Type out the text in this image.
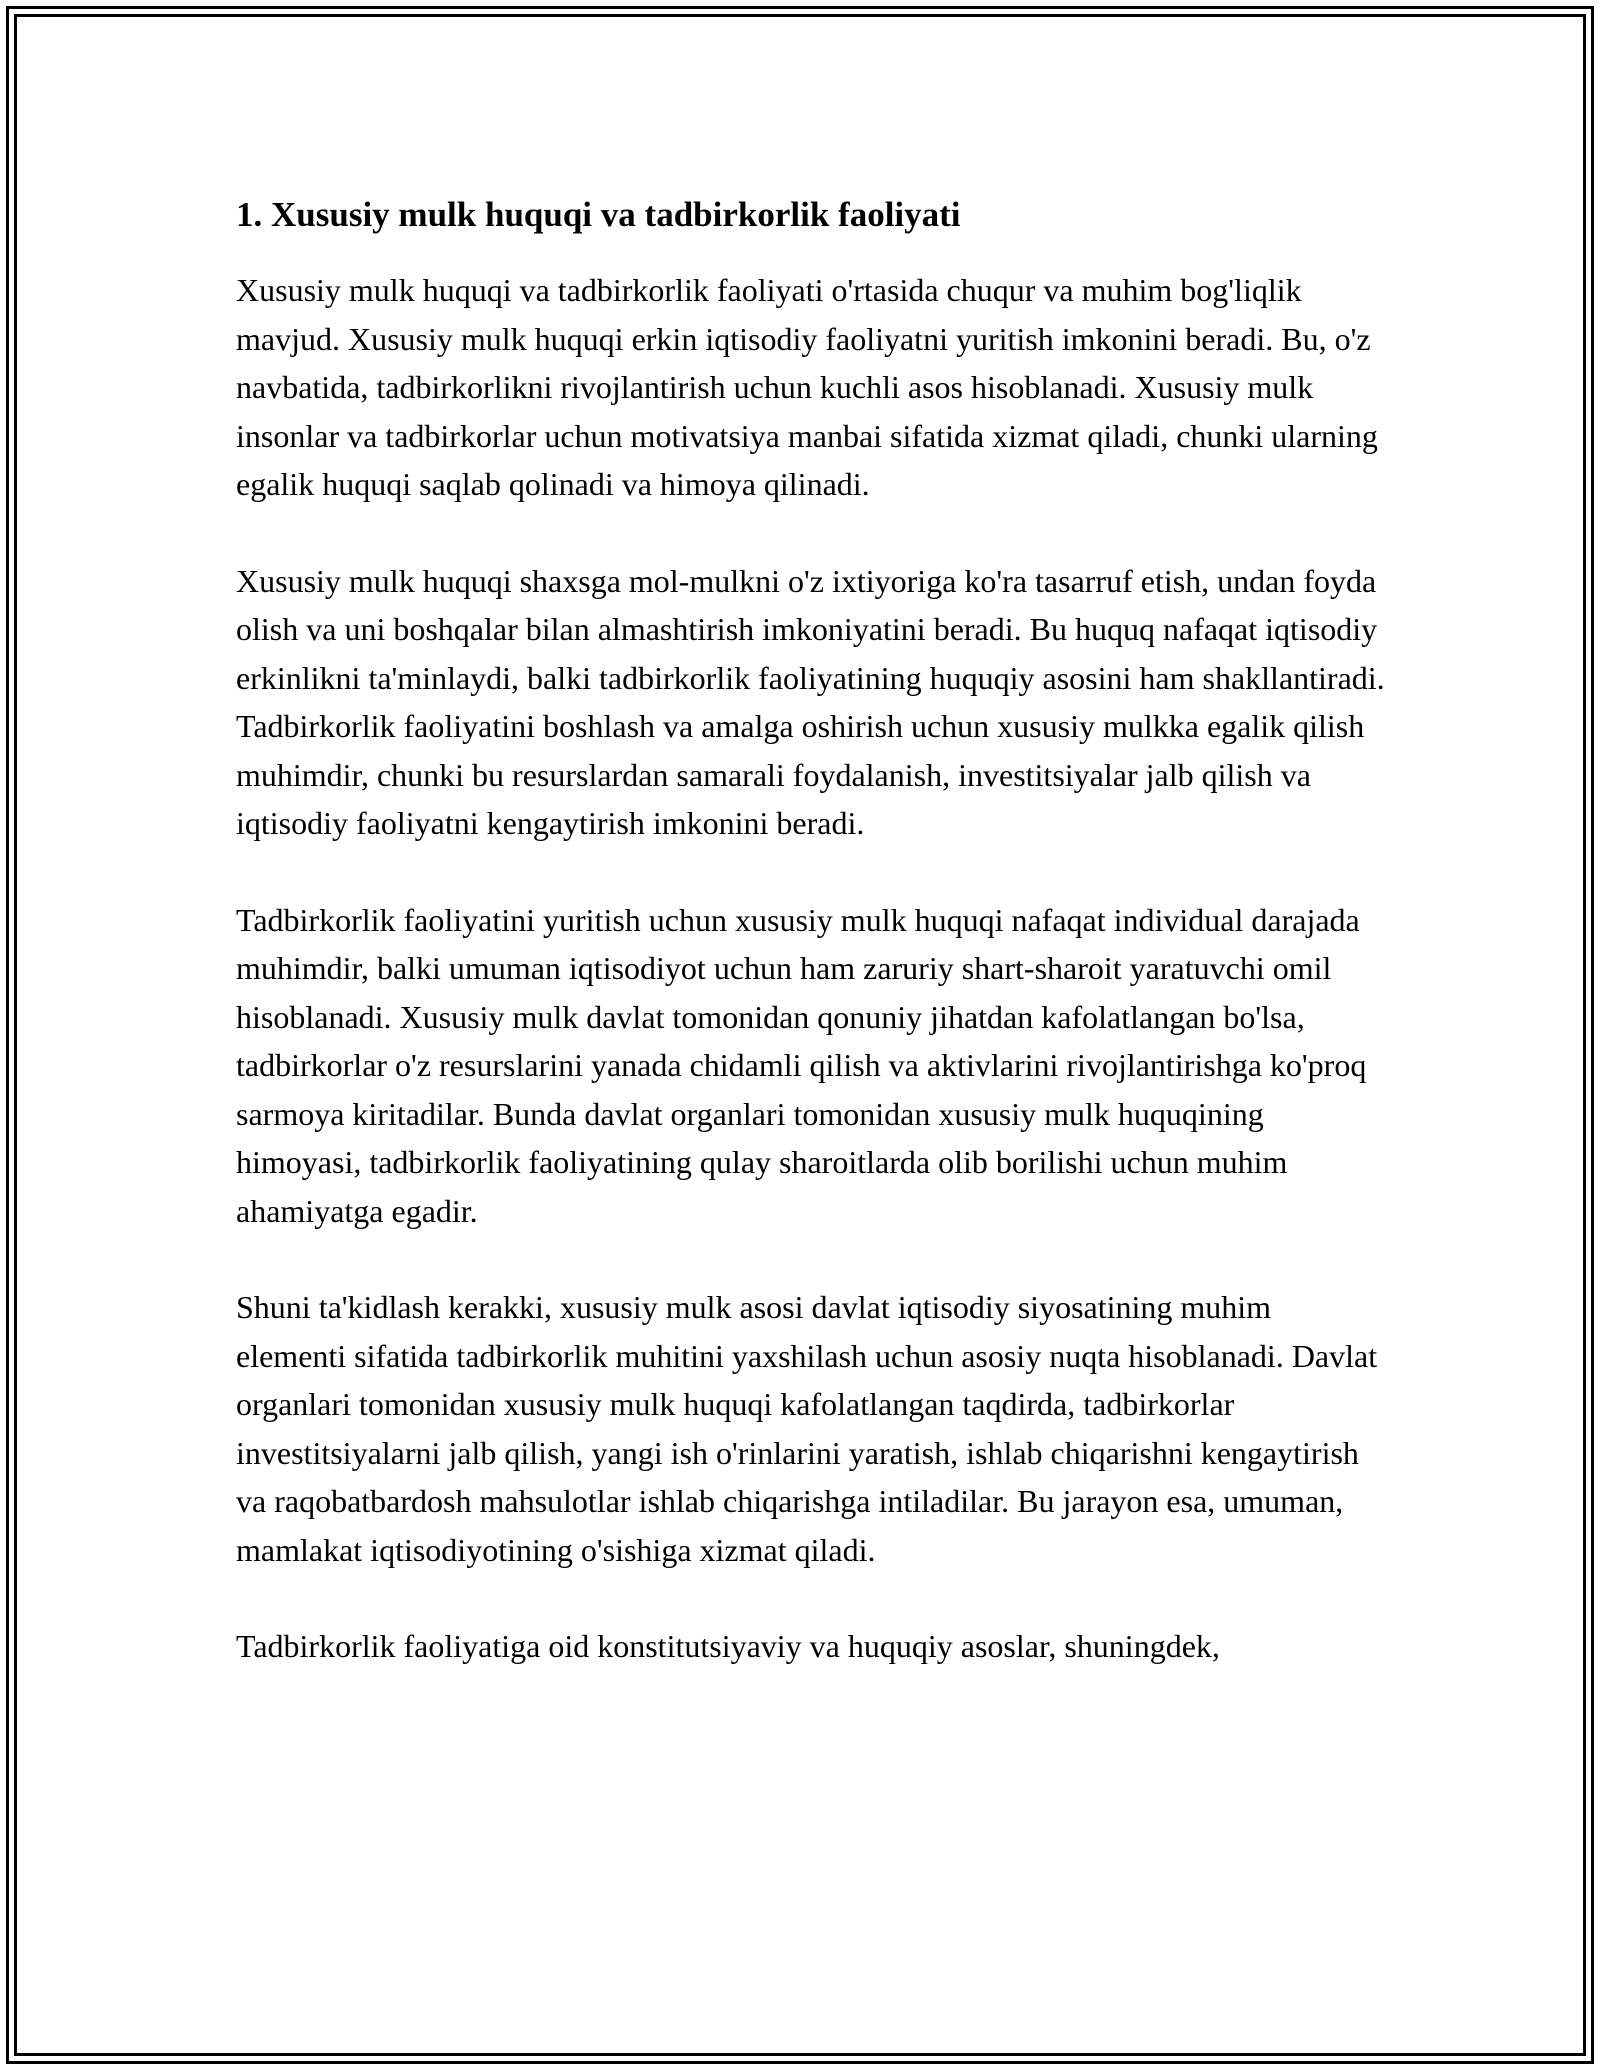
1. Xususiy mulk huquqi va tadbirkorlik faoliyati

Xususiy mulk huquqi va tadbirkorlik faoliyati o'rtasida chuqur va muhim bog'liqlik mavjud. Xususiy mulk huquqi erkin iqtisodiy faoliyatni yuritish imkonini beradi. Bu, o'z navbatida, tadbirkorlikni rivojlantirish uchun kuchli asos hisoblanadi. Xususiy mulk insonlar va tadbirkorlar uchun motivatsiya manbai sifatida xizmat qiladi, chunki ularning egalik huquqi saqlab qolinadi va himoya qilinadi.

Xususiy mulk huquqi shaxsga mol-mulkni o'z ixtiyoriga ko'ra tasarruf etish, undan foyda olish va uni boshqalar bilan almashtirish imkoniyatini beradi. Bu huquq nafaqat iqtisodiy erkinlikni ta'minlaydi, balki tadbirkorlik faoliyatining huquqiy asosini ham shakllantiradi. Tadbirkorlik faoliyatini boshlash va amalga oshirish uchun xususiy mulkka egalik qilish muhimdir, chunki bu resurslardan samarali foydalanish, investitsiyalar jalb qilish va iqtisodiy faoliyatni kengaytirish imkonini beradi.

Tadbirkorlik faoliyatini yuritish uchun xususiy mulk huquqi nafaqat individual darajada muhimdir, balki umuman iqtisodiyot uchun ham zaruriy shart-sharoit yaratuvchi omil hisoblanadi. Xususiy mulk davlat tomonidan qonuniy jihatdan kafolatlangan bo'lsa, tadbirkorlar o'z resurslarini yanada chidamli qilish va aktivlarini rivojlantirishga ko'proq sarmoya kiritadilar. Bunda davlat organlari tomonidan xususiy mulk huquqining himoyasi, tadbirkorlik faoliyatining qulay sharoitlarda olib borilishi uchun muhim ahamiyatga egadir.

Shuni ta'kidlash kerakki, xususiy mulk asosi davlat iqtisodiy siyosatining muhim elementi sifatida tadbirkorlik muhitini yaxshilash uchun asosiy nuqta hisoblanadi. Davlat organlari tomonidan xususiy mulk huquqi kafolatlangan taqdirda, tadbirkorlar investitsiyalarni jalb qilish, yangi ish o'rinlarini yaratish, ishlab chiqarishni kengaytirish va raqobatbardosh mahsulotlar ishlab chiqarishga intiladilar. Bu jarayon esa, umuman, mamlakat iqtisodiyotining o'sishiga xizmat qiladi.

Tadbirkorlik faoliyatiga oid konstitutsiyaviy va huquqiy asoslar, shuningdek,
